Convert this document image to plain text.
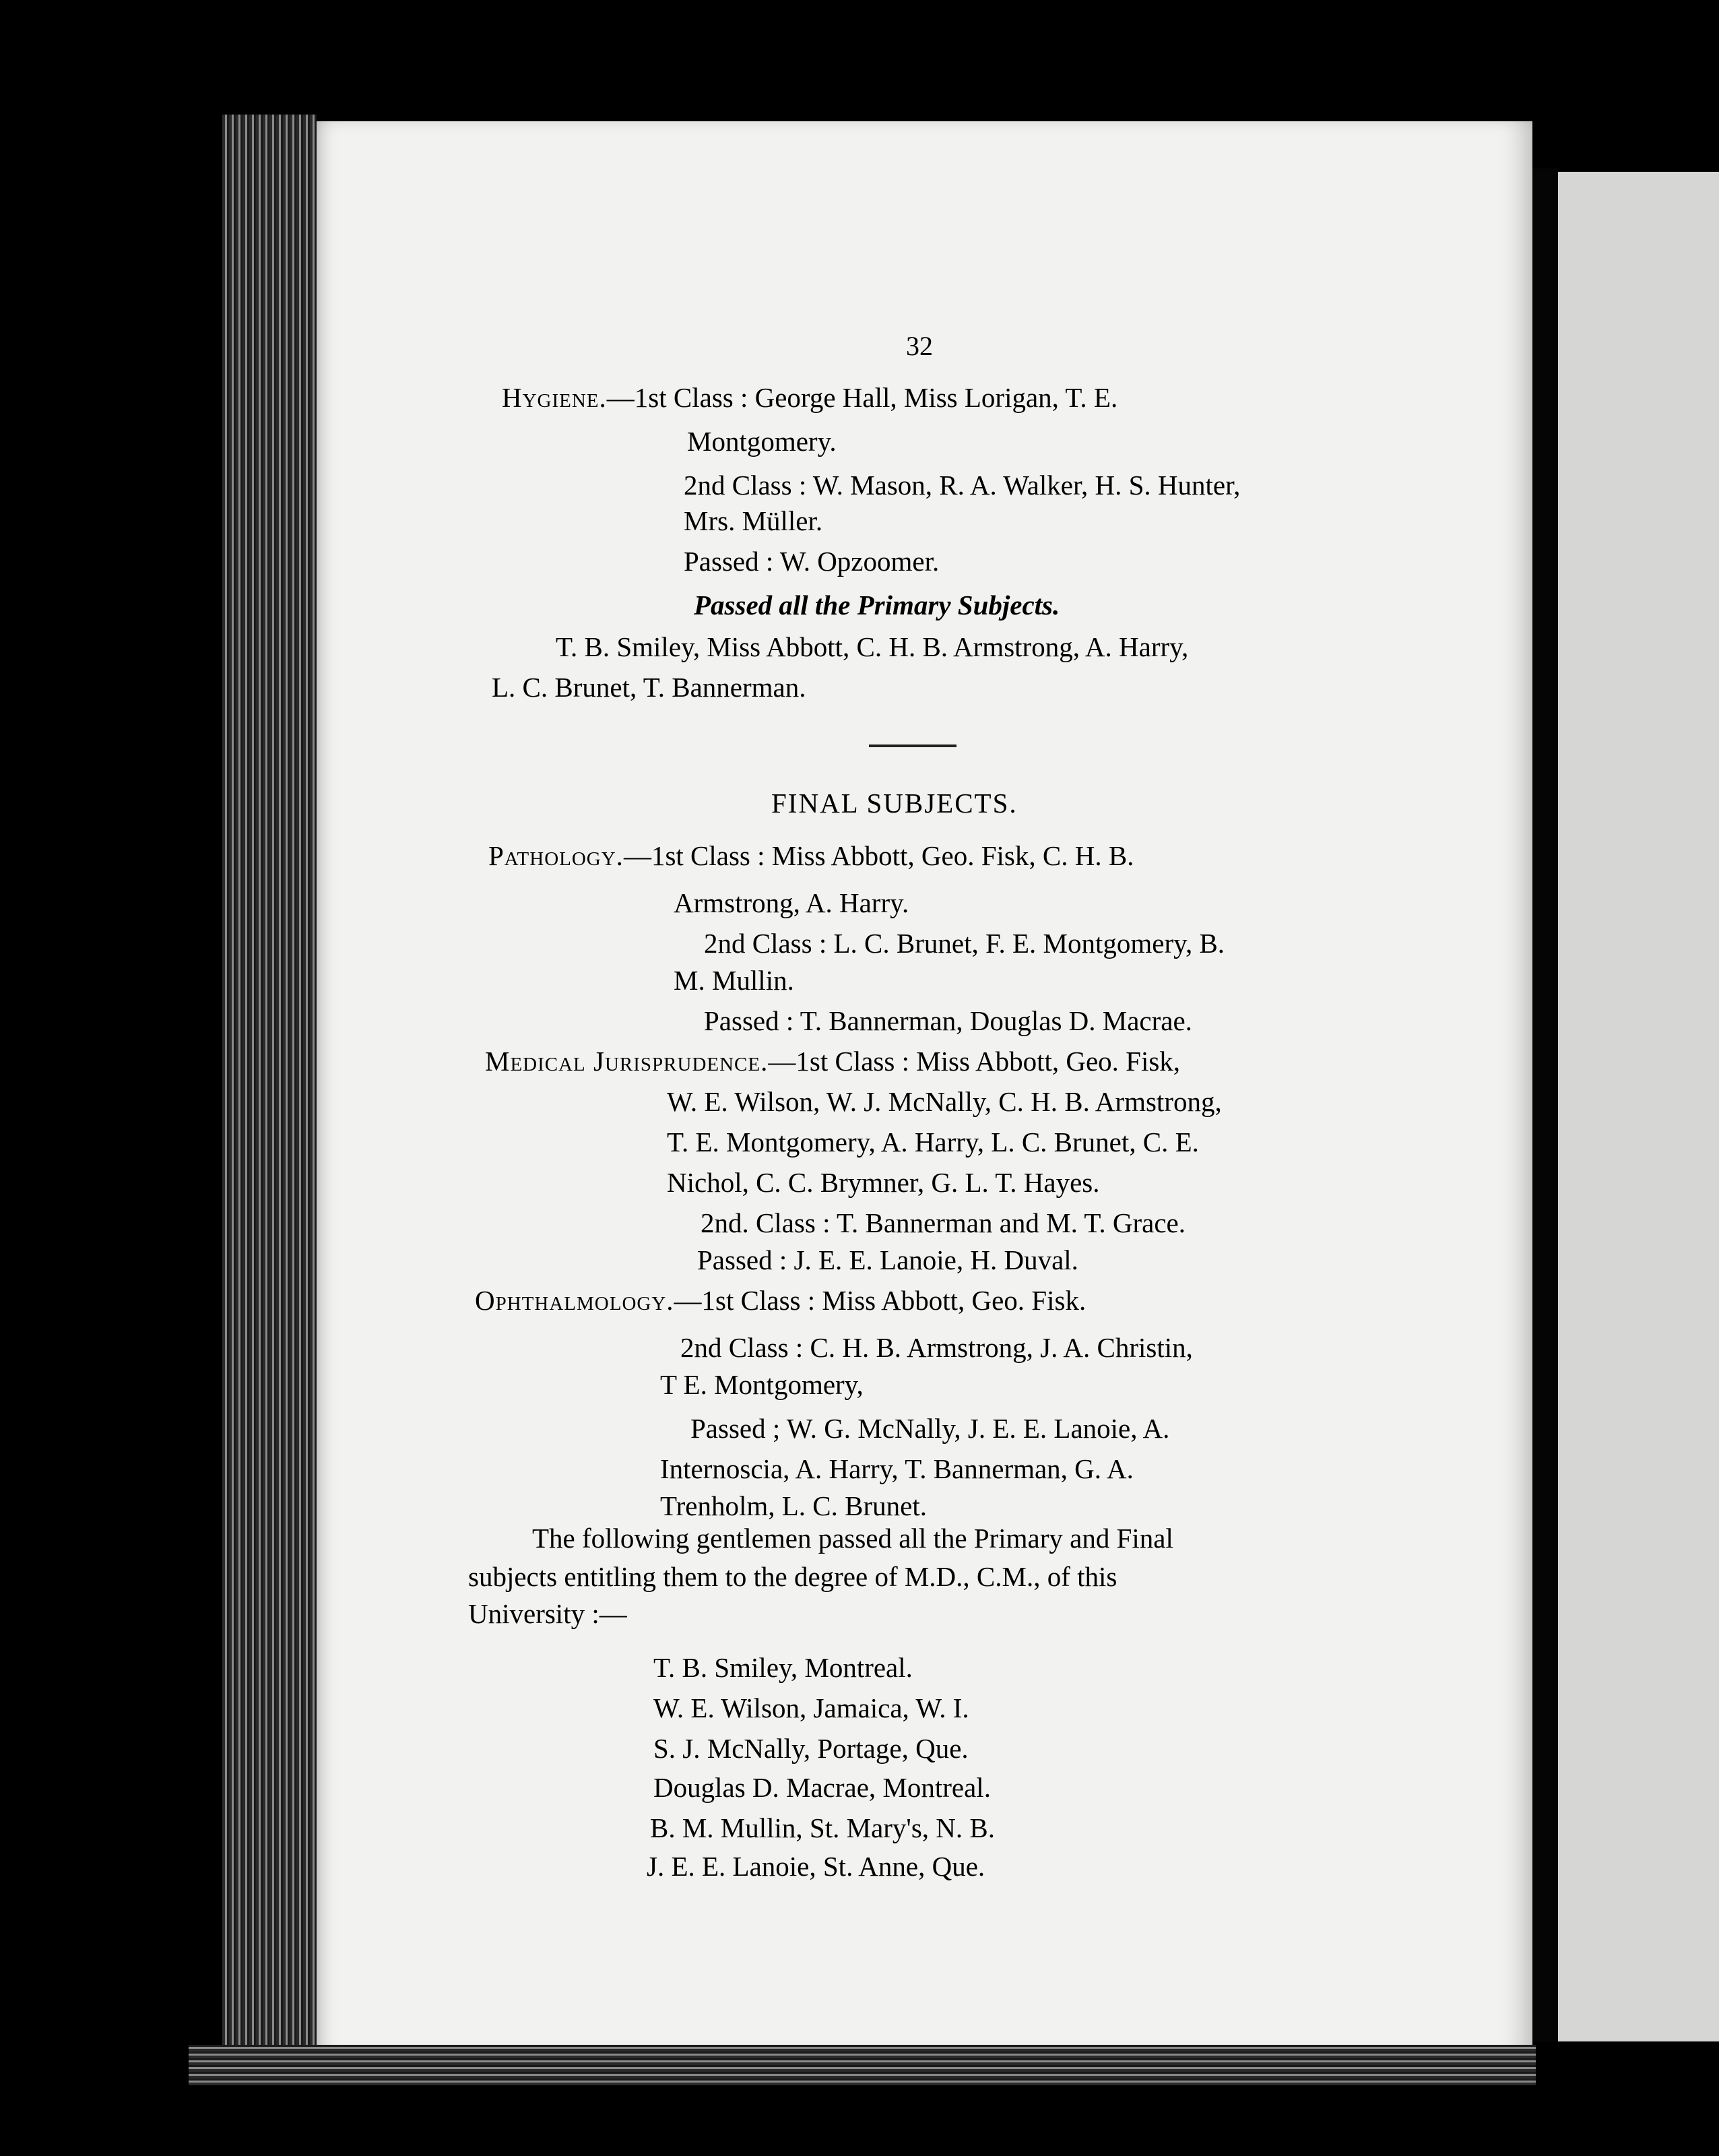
32
Hygiene.—1st Class : George Hall, Miss Lorigan, T. E.
Montgomery.
2nd Class : W. Mason, R. A. Walker, H. S. Hunter,
Mrs. Müller.
Passed : W. Opzoomer.
Passed all the Primary Subjects.
T. B. Smiley, Miss Abbott, C. H. B. Armstrong, A. Harry,
L. C. Brunet, T. Bannerman.
FINAL SUBJECTS.
Pathology.—1st Class : Miss Abbott, Geo. Fisk, C. H. B.
Armstrong, A. Harry.
2nd Class : L. C. Brunet, F. E. Montgomery, B.
M. Mullin.
Passed : T. Bannerman, Douglas D. Macrae.
Medical Jurisprudence.—1st Class : Miss Abbott, Geo. Fisk,
W. E. Wilson, W. J. McNally, C. H. B. Armstrong,
T. E. Montgomery, A. Harry, L. C. Brunet, C. E.
Nichol, C. C. Brymner, G. L. T. Hayes.
2nd. Class : T. Bannerman and M. T. Grace.
Passed : J. E. E. Lanoie, H. Duval.
Ophthalmology.—1st Class : Miss Abbott, Geo. Fisk.
2nd Class : C. H. B. Armstrong, J. A. Christin,
T E. Montgomery,
Passed ; W. G. McNally, J. E. E. Lanoie, A.
Internoscia, A. Harry, T. Bannerman, G. A.
Trenholm, L. C. Brunet.
The following gentlemen passed all the Primary and Final
subjects entitling them to the degree of M.D., C.M., of this
University :—
T. B. Smiley, Montreal.
W. E. Wilson, Jamaica, W. I.
S. J. McNally, Portage, Que.
Douglas D. Macrae, Montreal.
B. M. Mullin, St. Mary's, N. B.
J. E. E. Lanoie, St. Anne, Que.
